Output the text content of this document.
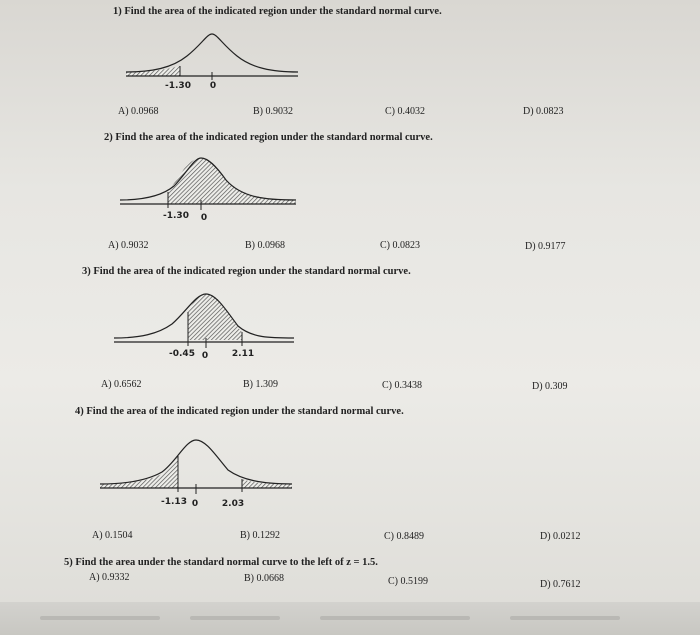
1) Find the area of the indicated region under the standard normal curve.
-1.30 0
A) 0.0968	B) 0.9032	C) 0.4032	D) 0.0823
2) Find the area of the indicated region under the standard normal curve.
-1.30 0
A) 0.9032	B) 0.0968	C) 0.0823	D) 0.9177
3) Find the area of the indicated region under the standard normal curve.
-0.45 0	2.11
A) 0.6562	B) 1.309	C) 0.3438	D) 0.309
4) Find the area of the indicated region under the standard normal curve.
-1.13 0	2.03
A) 0.1504	B) 0.1292	C) 0.8489	D) 0.0212
5) Find the area under the standard normal curve to the left of z = 1.5.
A) 0.9332	B) 0.0668	C) 0.5199	D) 0.7612
